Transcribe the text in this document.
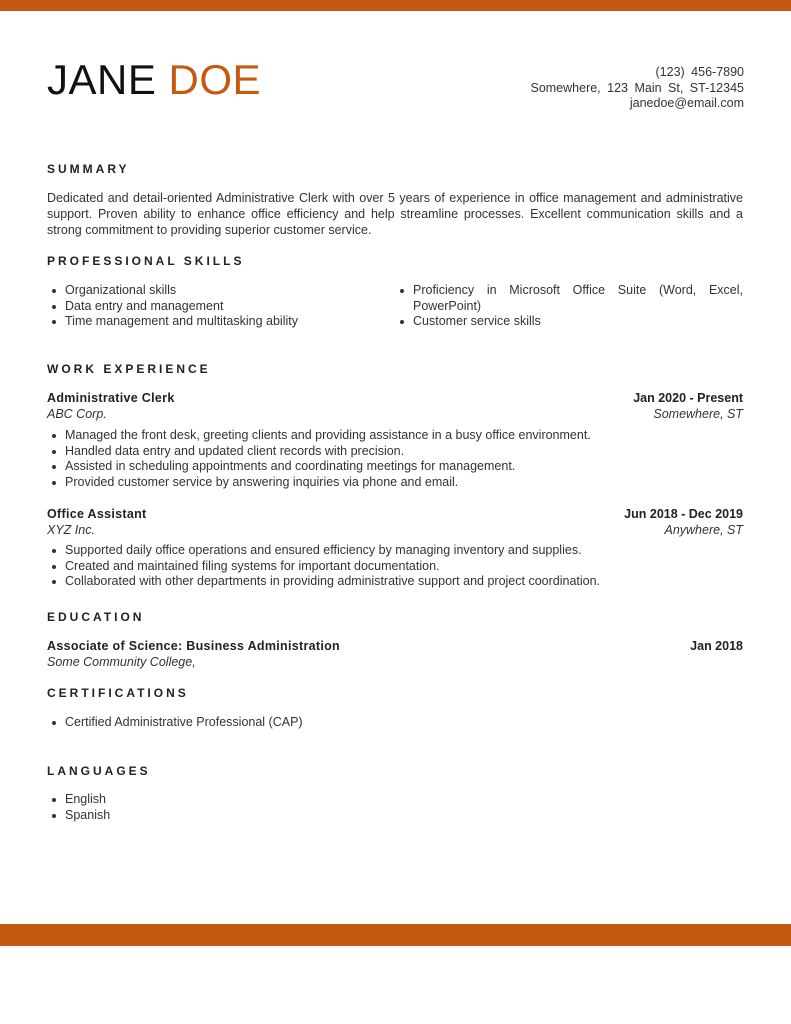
JANE DOE	(123) 456-7890
Somewhere, 123 Main St, ST-12345
janedoe@email.com
SUMMARY
Dedicated and detail-oriented Administrative Clerk with over 5 years of experience in office management and administrative support. Proven ability to enhance office efficiency and help streamline processes. Excellent communication skills and a strong commitment to providing superior customer service.
PROFESSIONAL SKILLS
Organizational skills
Data entry and management
Time management and multitasking ability
Proficiency in Microsoft Office Suite (Word, Excel, PowerPoint)
Customer service skills
WORK EXPERIENCE
Administrative Clerk	Jan 2020 - Present
ABC Corp.	Somewhere, ST
Managed the front desk, greeting clients and providing assistance in a busy office environment.
Handled data entry and updated client records with precision.
Assisted in scheduling appointments and coordinating meetings for management.
Provided customer service by answering inquiries via phone and email.
Office Assistant	Jun 2018 - Dec 2019
XYZ Inc.	Anywhere, ST
Supported daily office operations and ensured efficiency by managing inventory and supplies.
Created and maintained filing systems for important documentation.
Collaborated with other departments in providing administrative support and project coordination.
EDUCATION
Associate of Science: Business Administration	Jan 2018
Some Community College,
CERTIFICATIONS
Certified Administrative Professional (CAP)
LANGUAGES
English
Spanish
